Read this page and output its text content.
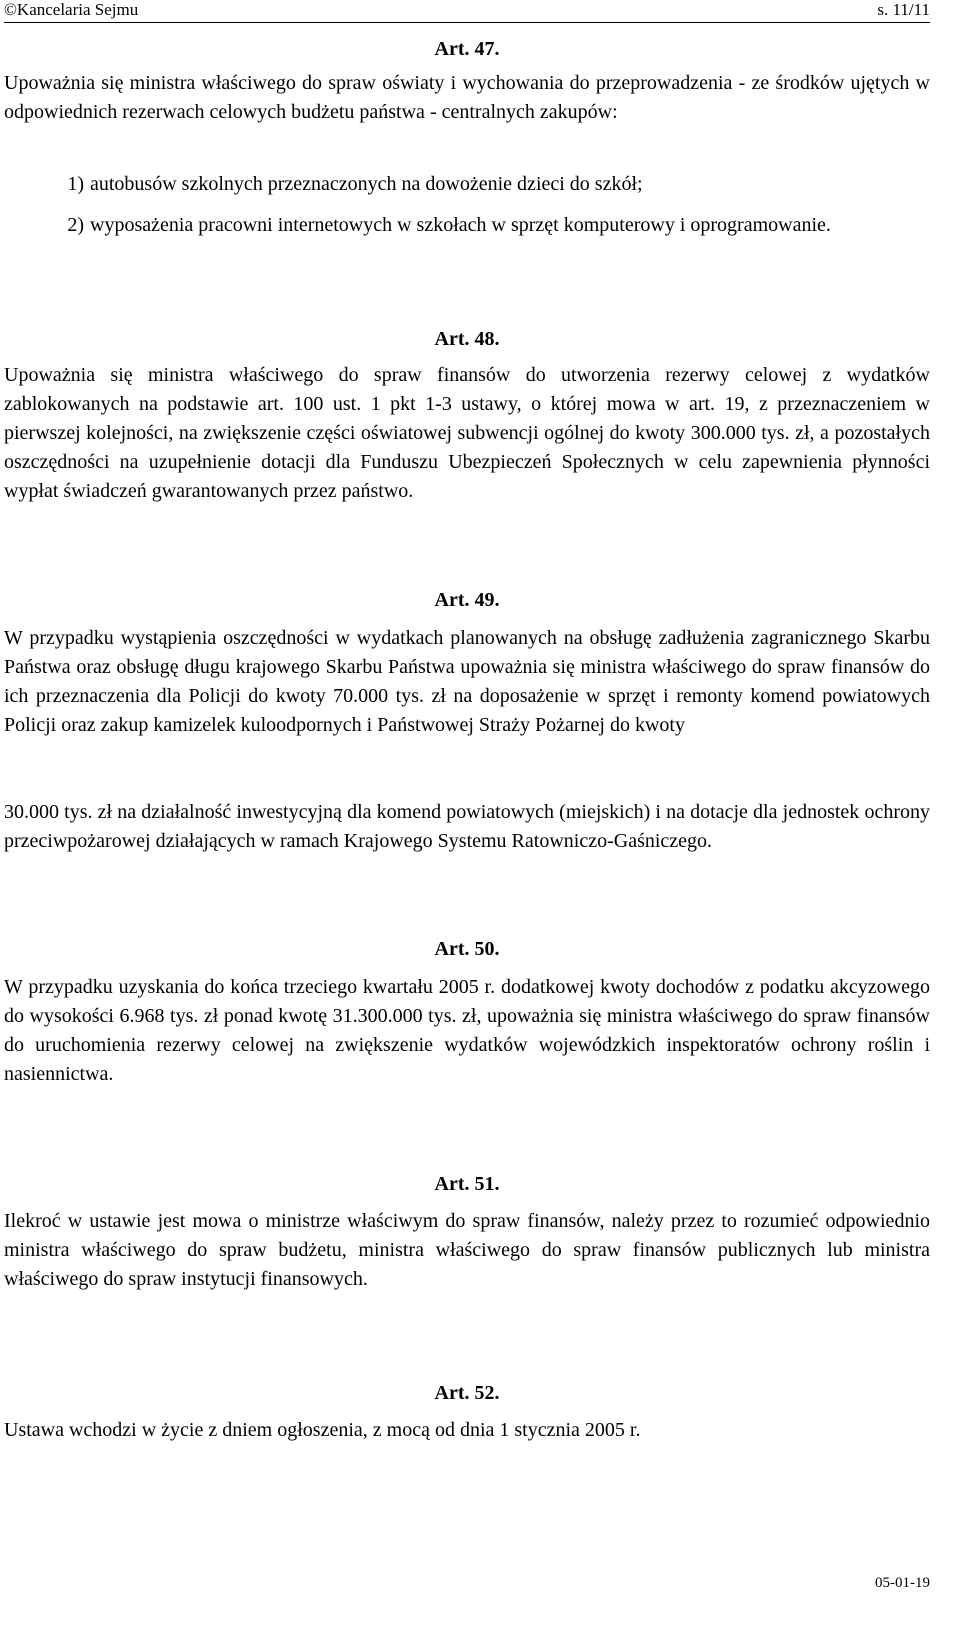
©Kancelaria Sejmu	s. 11/11
Art. 47.
Upoważnia się ministra właściwego do spraw oświaty i wychowania do przeprowadzenia - ze środków ujętych w odpowiednich rezerwach celowych budżetu państwa - centralnych zakupów:
1) autobusów szkolnych przeznaczonych na dowożenie dzieci do szkół;
2) wyposażenia pracowni internetowych w szkołach w sprzęt komputerowy i oprogramowanie.
Art. 48.
Upoważnia się ministra właściwego do spraw finansów do utworzenia rezerwy celowej z wydatków zablokowanych na podstawie art. 100 ust. 1 pkt 1-3 ustawy, o której mowa w art. 19, z przeznaczeniem w pierwszej kolejności, na zwiększenie części oświatowej subwencji ogólnej do kwoty 300.000 tys. zł, a pozostałych oszczędności na uzupełnienie dotacji dla Funduszu Ubezpieczeń Społecznych w celu zapewnienia płynności wypłat świadczeń gwarantowanych przez państwo.
Art. 49.
W przypadku wystąpienia oszczędności w wydatkach planowanych na obsługę zadłużenia zagranicznego Skarbu Państwa oraz obsługę długu krajowego Skarbu Państwa upoważnia się ministra właściwego do spraw finansów do ich przeznaczenia dla Policji do kwoty 70.000 tys. zł na doposażenie w sprzęt i remonty komend powiatowych Policji oraz zakup kamizelek kuloodpornych i Państwowej Straży Pożarnej do kwoty
30.000 tys. zł na działalność inwestycyjną dla komend powiatowych (miejskich) i na dotacje dla jednostek ochrony przeciwpożarowej działających w ramach Krajowego Systemu Ratowniczo-Gaśniczego.
Art. 50.
W przypadku uzyskania do końca trzeciego kwartału 2005 r. dodatkowej kwoty dochodów z podatku akcyzowego do wysokości 6.968 tys. zł ponad kwotę 31.300.000 tys. zł, upoważnia się ministra właściwego do spraw finansów do uruchomienia rezerwy celowej na zwiększenie wydatków wojewódzkich inspektoratów ochrony roślin i nasiennictwa.
Art. 51.
Ilekroć w ustawie jest mowa o ministrze właściwym do spraw finansów, należy przez to rozumieć odpowiednio ministra właściwego do spraw budżetu, ministra właściwego do spraw finansów publicznych lub ministra właściwego do spraw instytucji finansowych.
Art. 52.
Ustawa wchodzi w życie z dniem ogłoszenia, z mocą od dnia 1 stycznia 2005 r.
05-01-19
